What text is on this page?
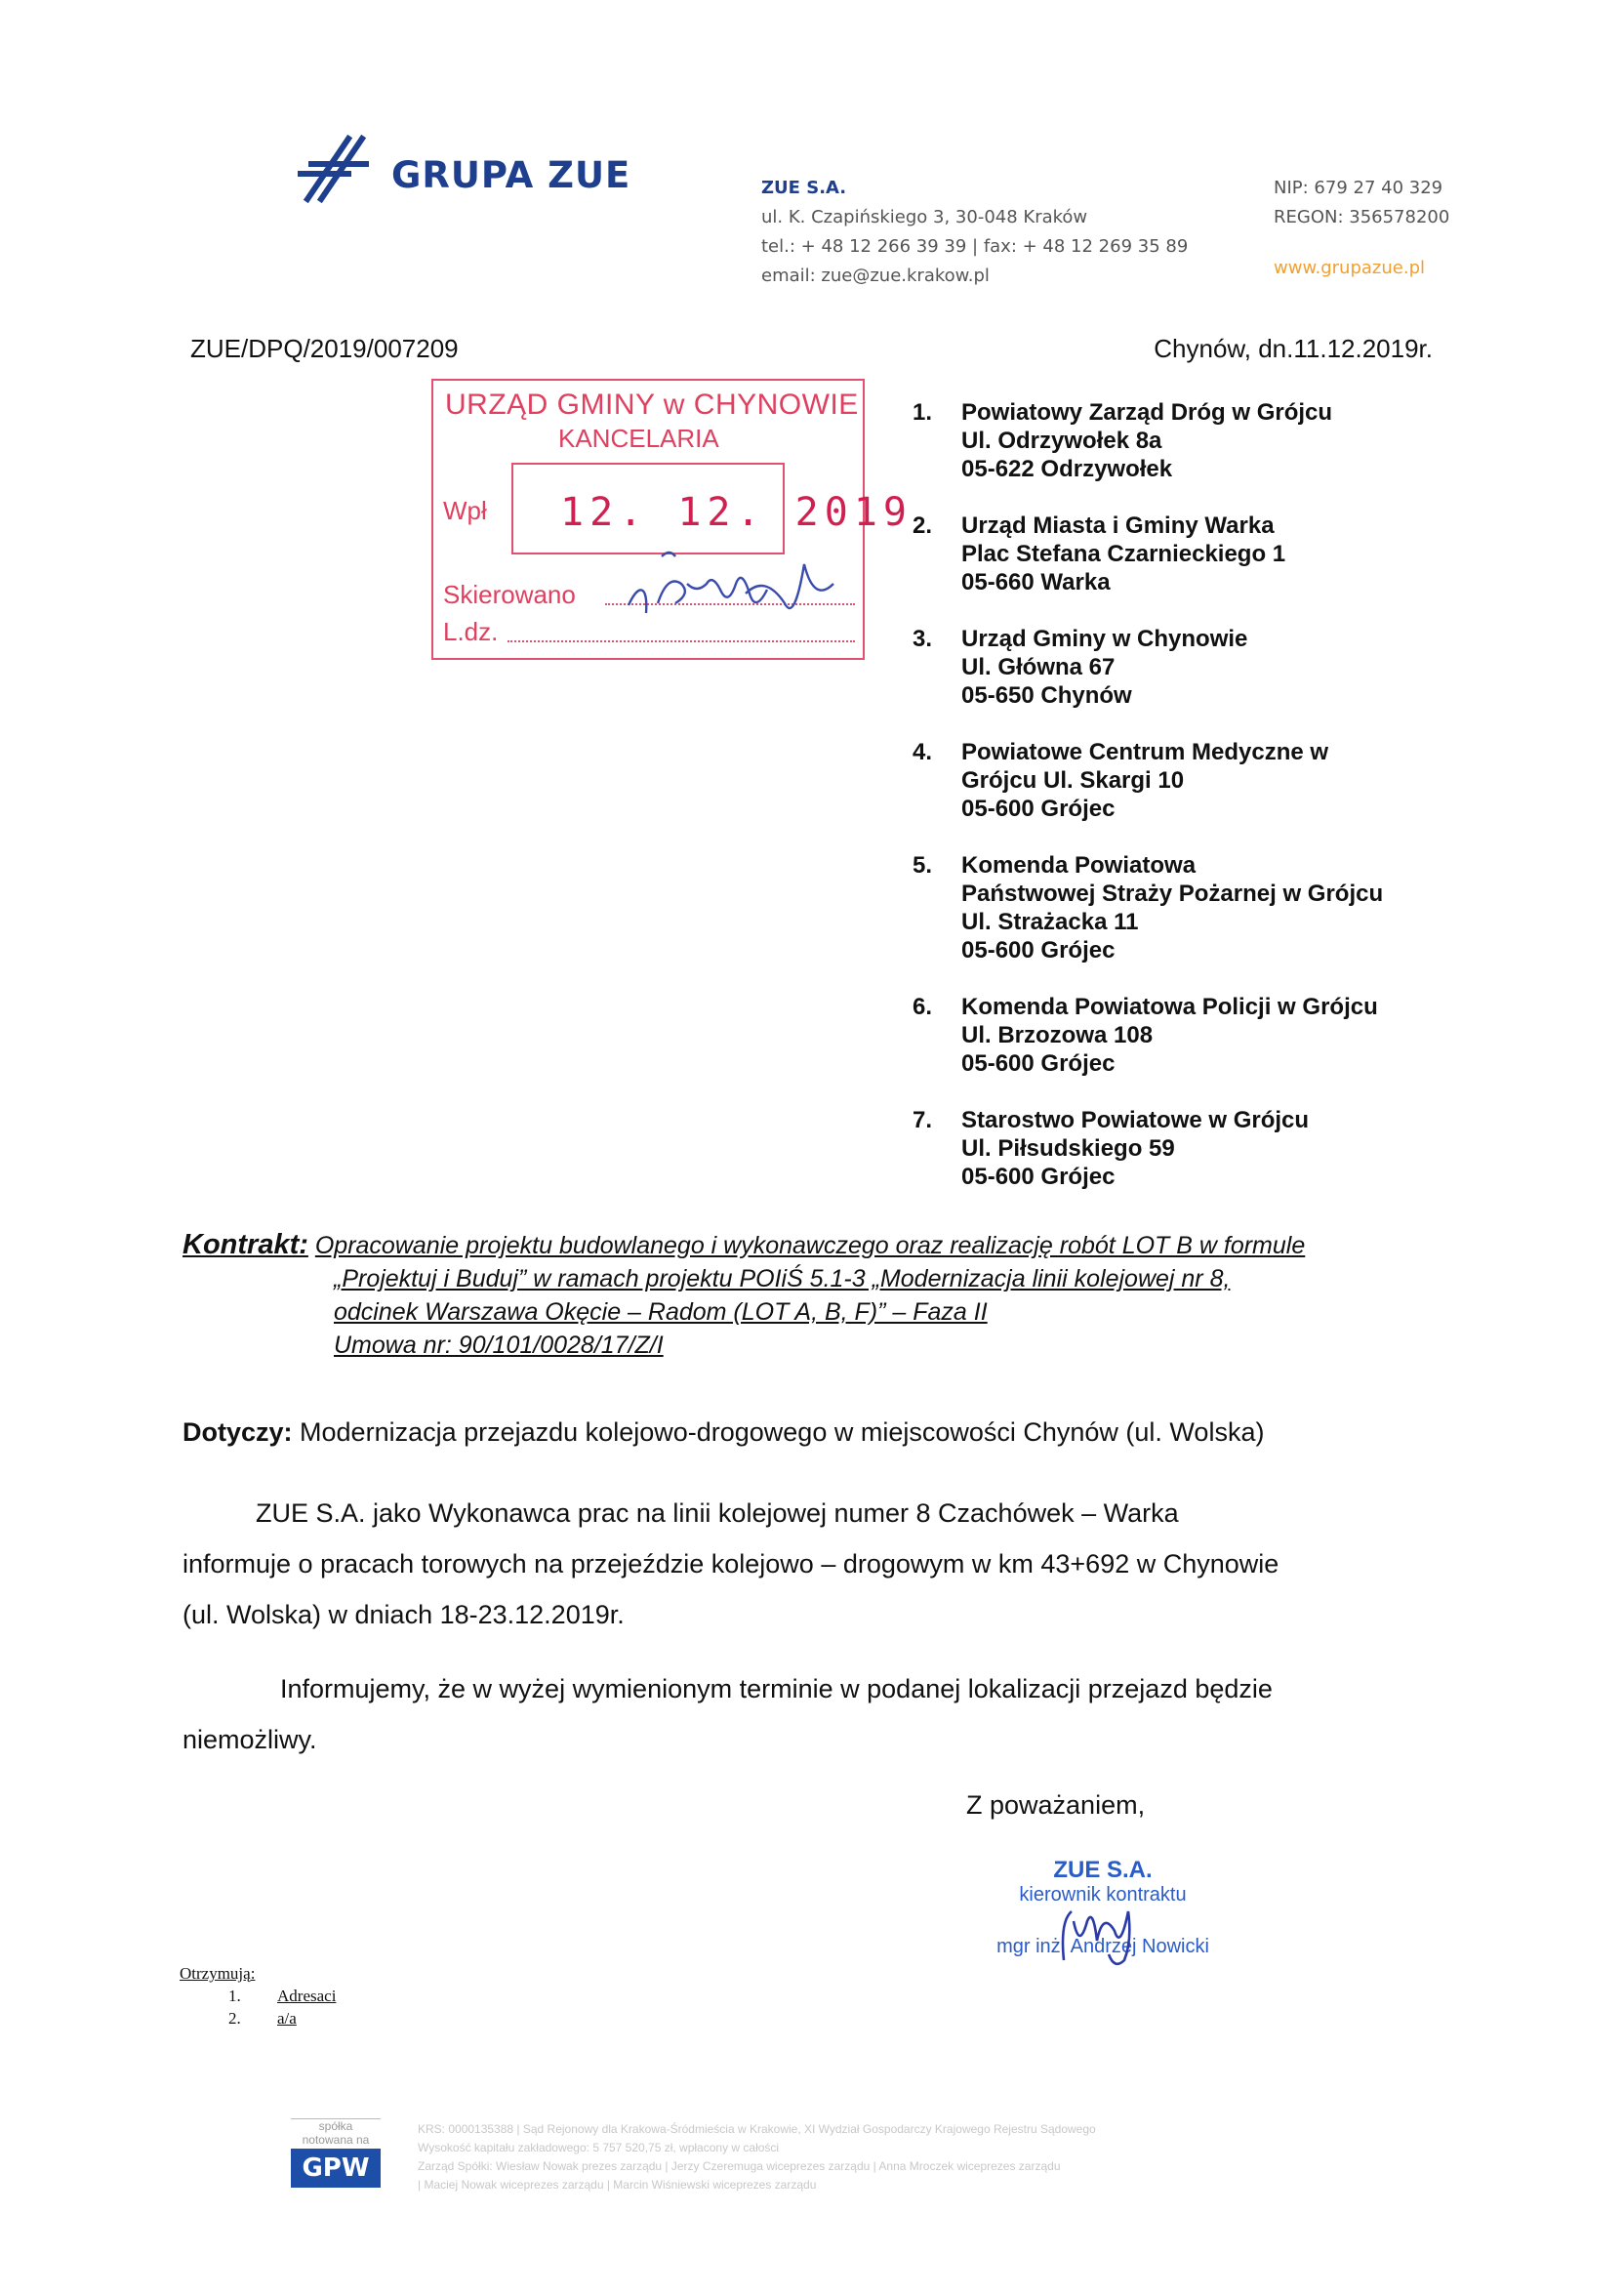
GRUPA ZUE	ZUE S.A.
ul. K. Czapińskiego 3, 30-048 Kraków
tel.: + 48 12 266 39 39 | fax: + 48 12 269 35 89
email: zue@zue.krakow.pl
NIP: 679 27 40 329
REGON: 356578200
www.grupazue.pl
ZUE/DPQ/2019/007209	Chynów, dn.11.12.2019r.
URZĄD GMINY w CHYNOWIE
KANCELARIA
Wpł 12. 12. 2019
Skierowano
L.dz.
1.	Powiatowy Zarząd Dróg w Grójcu
Ul. Odrzywołek 8a
05-622 Odrzywołek
2.	Urząd Miasta i Gminy Warka
Plac Stefana Czarnieckiego 1
05-660 Warka
3.	Urząd Gminy w Chynowie
Ul. Główna 67
05-650 Chynów
4.	Powiatowe Centrum Medyczne w
Grójcu Ul. Skargi 10
05-600 Grójec
5.	Komenda Powiatowa
Państwowej Straży Pożarnej w Grójcu
Ul. Strażacka 11
05-600 Grójec
6.	Komenda Powiatowa Policji w Grójcu
Ul. Brzozowa 108
05-600 Grójec
7.	Starostwo Powiatowe w Grójcu
Ul. Piłsudskiego 59
05-600 Grójec
Kontrakt: Opracowanie projektu budowlanego i wykonawczego oraz realizację robót LOT B w formule
„Projektuj i Buduj” w ramach projektu POIiŚ 5.1-3 „Modernizacja linii kolejowej nr 8,
odcinek Warszawa Okęcie – Radom (LOT A, B, F)” – Faza II
Umowa nr: 90/101/0028/17/Z/I
Dotyczy: Modernizacja przejazdu kolejowo-drogowego w miejscowości Chynów (ul. Wolska)
ZUE S.A. jako Wykonawca prac na linii kolejowej numer 8 Czachówek – Warka
informuje o pracach torowych na przejeździe kolejowo – drogowym w km 43+692 w Chynowie
(ul. Wolska) w dniach 18-23.12.2019r.
Informujemy, że w wyżej wymienionym terminie w podanej lokalizacji przejazd będzie
niemożliwy.
Z poważaniem,
ZUE S.A.
kierownik kontraktu
mgr inż. Andrzej Nowicki
Otrzymują:
1.	Adresaci
2.	a/a
spółka
notowana na
GPW
KRS: 0000135388 | Sąd Rejonowy dla Krakowa-Śródmieścia w Krakowie, XI Wydział Gospodarczy Krajowego Rejestru Sądowego
Wysokość kapitału zakładowego: 5 757 520,75 zł, wpłacony w całości
Zarząd Spółki: Wiesław Nowak prezes zarządu | Jerzy Czeremuga wiceprezes zarządu | Anna Mroczek wiceprezes zarządu
| Maciej Nowak wiceprezes zarządu | Marcin Wiśniewski wiceprezes zarządu
